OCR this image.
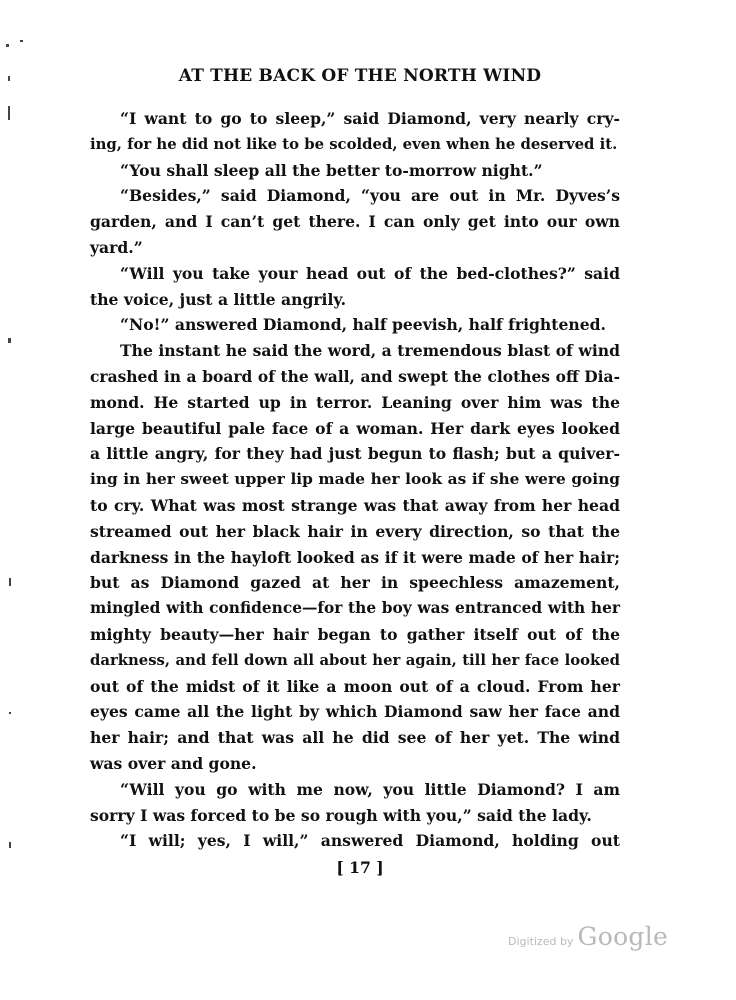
AT THE BACK OF THE NORTH WIND
“I want to go to sleep,” said Diamond, very nearly cry-
ing, for he did not like to be scolded, even when he deserved it.
“You shall sleep all the better to-morrow night.”
“Besides,” said Diamond, “you are out in Mr. Dyves’s
garden, and I can’t get there. I can only get into our own
yard.”
“Will you take your head out of the bed-clothes?” said
the voice, just a little angrily.
“No!” answered Diamond, half peevish, half frightened.
The instant he said the word, a tremendous blast of wind
crashed in a board of the wall, and swept the clothes off Dia-
mond. He started up in terror. Leaning over him was the
large beautiful pale face of a woman. Her dark eyes looked
a little angry, for they had just begun to flash; but a quiver-
ing in her sweet upper lip made her look as if she were going
to cry. What was most strange was that away from her head
streamed out her black hair in every direction, so that the
darkness in the hayloft looked as if it were made of her hair;
but as Diamond gazed at her in speechless amazement,
mingled with confidence—for the boy was entranced with her
mighty beauty—her hair began to gather itself out of the
darkness, and fell down all about her again, till her face looked
out of the midst of it like a moon out of a cloud. From her
eyes came all the light by which Diamond saw her face and
her hair; and that was all he did see of her yet. The wind
was over and gone.
“Will you go with me now, you little Diamond? I am
sorry I was forced to be so rough with you,” said the lady.
“I will; yes, I will,” answered Diamond, holding out
[ 17 ]
Digitized by Google
